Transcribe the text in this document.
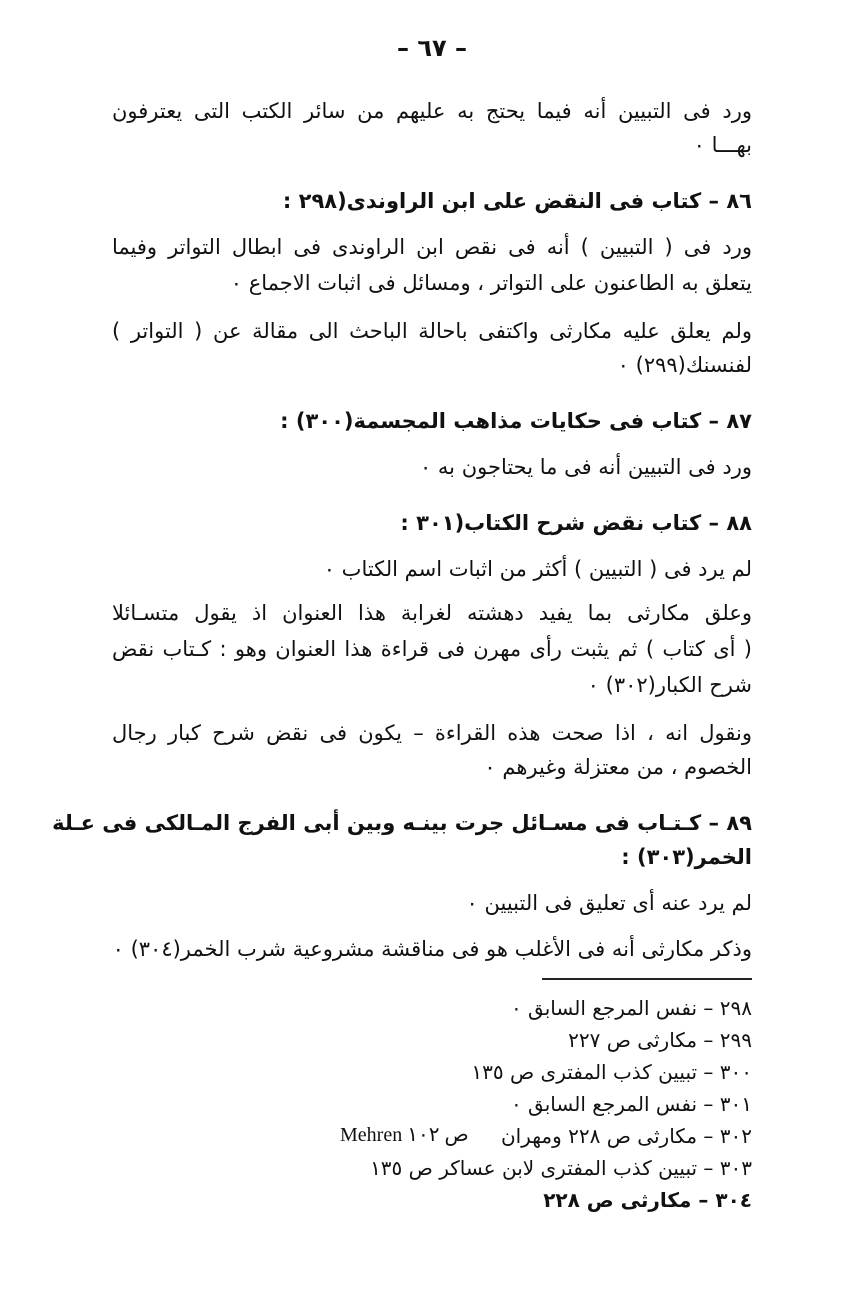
– ٦٧ –
ورد فى التبيين أنه فيما يحتج به عليهم من سائر الكتب التى يعترفون
بهـــا ٠
٨٦ – كتاب فى النقض على ابن الراوندى(٢٩٨ :
ورد فى ( التبيين ) أنه فى نقص ابن الراوندى فى ابطال التواتر وفيما
يتعلق به الطاعنون على التواتر ، ومسائل فى اثبات الاجماع ٠
ولم يعلق عليه مكارثى واكتفى باحالة الباحث الى مقالة عن ( التواتر )
لفنسنك(٢٩٩) ٠
٨٧ – كتاب فى حكايات مذاهب المجسمة(٣٠٠) :
ورد فى التبيين أنه فى ما يحتاجون به ٠
٨٨ – كتاب نقض شرح الكتاب(٣٠١ :
لم يرد فى ( التبيين ) أكثر من اثبات اسم الكتاب ٠
وعلق مكارثى بما يفيد دهشته لغرابة هذا العنوان اذ يقول متسـائلا
( أى كتاب ) ثم يثبت رأى مهرن فى قراءة هذا العنوان وهو : كـتاب نقض
شرح الكبار(٣٠٢) ٠
ونقول انه ، اذا صحت هذه القراءة – يكون فى نقض شرح كبار رجال
الخصوم ، من معتزلة وغيرهم ٠
٨٩ – كـتـاب فى مسـائل جرت بينـه وبين أبى الفرج المـالكى فى عـلة
الخمر(٣٠٣) :
لم يرد عنه أى تعليق فى التبيين ٠
وذكر مكارثى أنه فى الأغلب هو فى مناقشة مشروعية شرب الخمر(٣٠٤) ٠
٢٩٨ – نفس المرجع السابق ٠
٢٩٩ – مكارثى ص ٢٢٧
٣٠٠ – تبيين كذب المفترى ص ١٣٥
٣٠١ – نفس المرجع السابق ٠
٣٠٢ – مكارثى ص ٢٢٨ ومهران
Mehren ص ١٠٢
٣٠٣ – تبيين كذب المفترى لابن عساكر ص ١٣٥
٣٠٤ – مكارثى ص ٢٢٨
